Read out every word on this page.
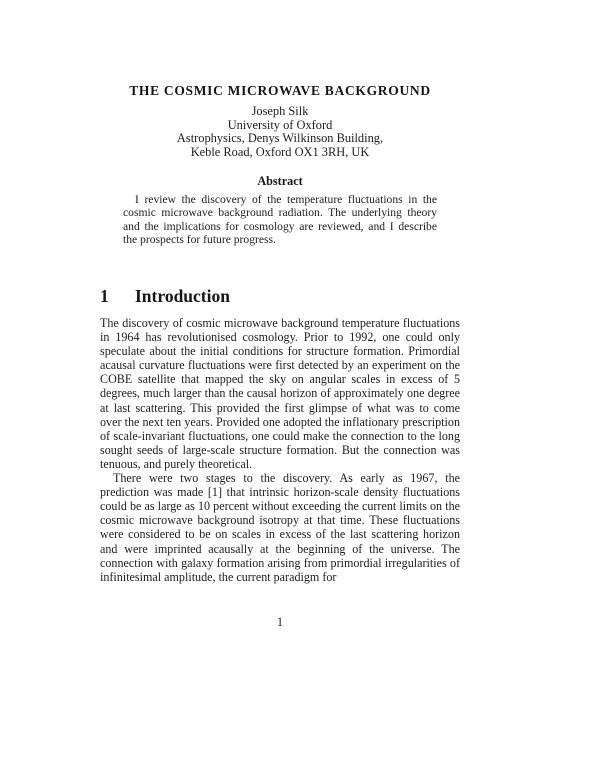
THE COSMIC MICROWAVE BACKGROUND
Joseph Silk
University of Oxford
Astrophysics, Denys Wilkinson Building,
Keble Road, Oxford OX1 3RH, UK
Abstract

I review the discovery of the temperature fluctuations in the cosmic microwave background radiation. The underlying theory and the implications for cosmology are reviewed, and I describe the prospects for future progress.

1 Introduction

The discovery of cosmic microwave background temperature fluctuations in 1964 has revolutionised cosmology. Prior to 1992, one could only speculate about the initial conditions for structure formation. Primordial acausal curvature fluctuations were first detected by an experiment on the COBE satellite that mapped the sky on angular scales in excess of 5 degrees, much larger than the causal horizon of approximately one degree at last scattering. This provided the first glimpse of what was to come over the next ten years. Provided one adopted the inflationary prescription of scale-invariant fluctuations, one could make the connection to the long sought seeds of large-scale structure formation. But the connection was tenuous, and purely theoretical.

There were two stages to the discovery. As early as 1967, the prediction was made [1] that intrinsic horizon-scale density fluctuations could be as large as 10 percent without exceeding the current limits on the cosmic microwave background isotropy at that time. These fluctuations were considered to be on scales in excess of the last scattering horizon and were imprinted acausally at the beginning of the universe. The connection with galaxy formation arising from primordial irregularities of infinitesimal amplitude, the current paradigm for

1
